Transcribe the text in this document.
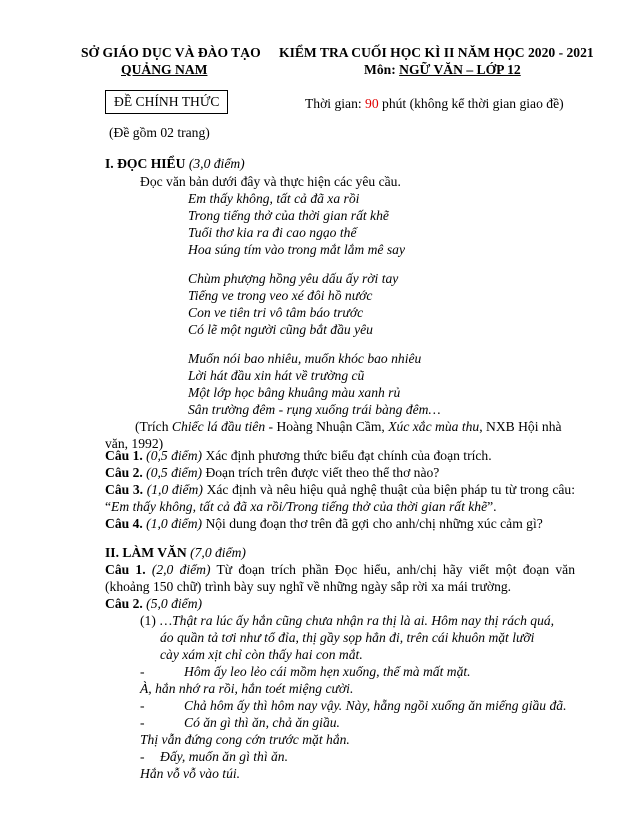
SỞ GIÁO DỤC VÀ ĐÀO TẠO
QUẢNG NAM
KIỂM TRA CUỐI HỌC KÌ II NĂM HỌC 2020 - 2021
Môn: NGỮ VĂN – LỚP 12
ĐỀ CHÍNH THỨC	Thời gian: 90 phút (không kể thời gian giao đề)
(Đề gồm 02 trang)
I. ĐỌC HIỂU (3,0 điểm)
Đọc văn bản dưới đây và thực hiện các yêu cầu.
Em thấy không, tất cả đã xa rồi
Trong tiếng thở của thời gian rất khẽ
Tuổi thơ kia ra đi cao ngạo thế
Hoa súng tím vào trong mắt lắm mê say
Chùm phượng hồng yêu dấu ấy rời tay
Tiếng ve trong veo xé đôi hồ nước
Con ve tiên tri vô tâm báo trước
Có lẽ một người cũng bắt đầu yêu
Muốn nói bao nhiêu, muốn khóc bao nhiêu
Lời hát đầu xin hát về trường cũ
Một lớp học bâng khuâng màu xanh rủ
Sân trường đêm - rụng xuống trái bàng đêm…
(Trích Chiếc lá đầu tiên - Hoàng Nhuận Cầm, Xúc xắc mùa thu, NXB Hội nhà văn, 1992)
Câu 1. (0,5 điểm) Xác định phương thức biểu đạt chính của đoạn trích.
Câu 2. (0,5 điểm) Đoạn trích trên được viết theo thể thơ nào?
Câu 3. (1,0 điểm) Xác định và nêu hiệu quả nghệ thuật của biện pháp tu từ trong câu: “Em thấy không, tất cả đã xa rồi/Trong tiếng thở của thời gian rất khẽ”.
Câu 4. (1,0 điểm) Nội dung đoạn thơ trên đã gợi cho anh/chị những xúc cảm gì?
II. LÀM VĂN (7,0 điểm)
Câu 1. (2,0 điểm) Từ đoạn trích phần Đọc hiểu, anh/chị hãy viết một đoạn văn (khoảng 150 chữ) trình bày suy nghĩ về những ngày sắp rời xa mái trường.
Câu 2. (5,0 điểm)
(1) …Thật ra lúc ấy hắn cũng chưa nhận ra thị là ai. Hôm nay thị rách quá,
áo quần tả tơi như tổ đỉa, thị gầy sọp hẳn đi, trên cái khuôn mặt lưỡi
cày xám xịt chỉ còn thấy hai con mắt.
-	Hôm ấy leo lẻo cái mồm hẹn xuống, thế mà mất mặt.
À, hắn nhớ ra rồi, hắn toét miệng cười.
-	Chả hôm ấy thì hôm nay vậy. Này, hẵng ngồi xuống ăn miếng giầu đã.
-	Có ăn gì thì ăn, chả ăn giầu.
Thị vẫn đứng cong cớn trước mặt hắn.
- Đấy, muốn ăn gì thì ăn.
Hắn vỗ vỗ vào túi.
